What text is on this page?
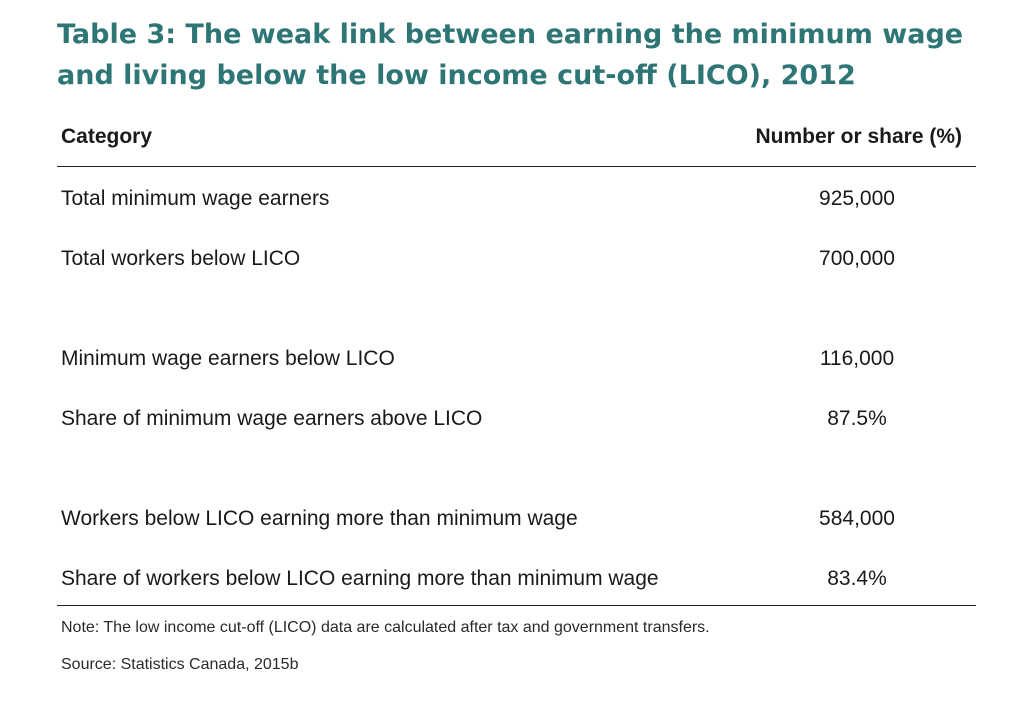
Table 3: The weak link between earning the minimum wage and living below the low income cut-off (LICO), 2012
Category	Number or share (%)
Total minimum wage earners	925,000
Total workers below LICO	700,000
Minimum wage earners below LICO	116,000
Share of minimum wage earners above LICO	87.5%
Workers below LICO earning more than minimum wage	584,000
Share of workers below LICO earning more than minimum wage	83.4%
Note: The low income cut-off (LICO) data are calculated after tax and government transfers.
Source: Statistics Canada, 2015b
